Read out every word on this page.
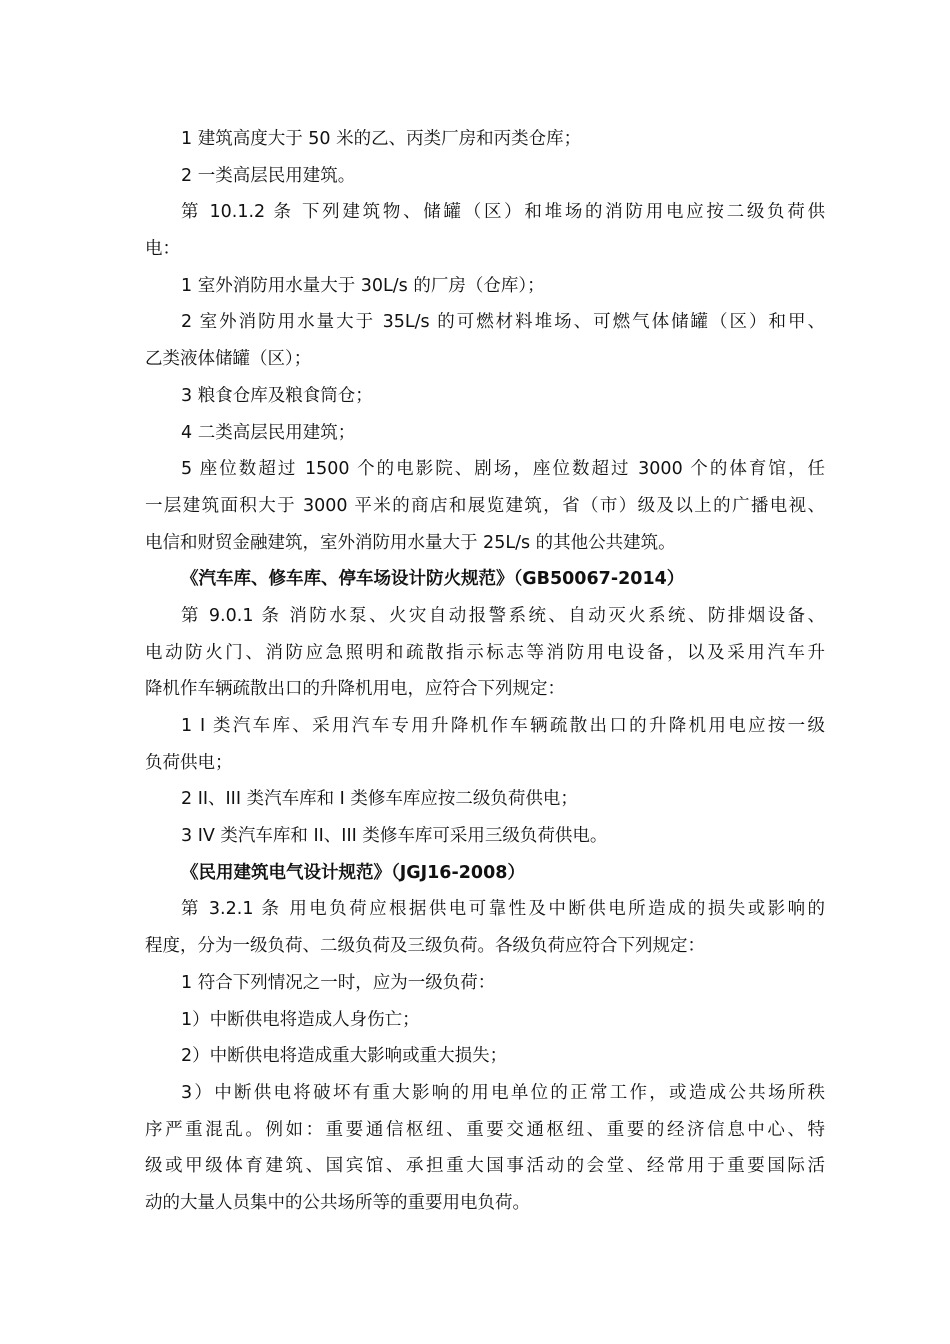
1 建筑高度大于 50 米的乙、丙类厂房和丙类仓库；
2 一类高层民用建筑。
第 10.1.2 条 下列建筑物、储罐（区）和堆场的消防用电应按二级负荷供
电：
1 室外消防用水量大于 30L/s 的厂房（仓库）；
2 室外消防用水量大于 35L/s 的可燃材料堆场、可燃气体储罐（区）和甲、
乙类液体储罐（区）；
3 粮食仓库及粮食筒仓；
4 二类高层民用建筑；
5 座位数超过 1500 个的电影院、剧场，座位数超过 3000 个的体育馆，任
一层建筑面积大于 3000 平米的商店和展览建筑，省（市）级及以上的广播电视、
电信和财贸金融建筑，室外消防用水量大于 25L/s 的其他公共建筑。
《汽车库、修车库、停车场设计防火规范》（GB50067-2014）
第 9.0.1 条 消防水泵、火灾自动报警系统、自动灭火系统、防排烟设备、
电动防火门、消防应急照明和疏散指示标志等消防用电设备，以及采用汽车升
降机作车辆疏散出口的升降机用电，应符合下列规定：
1 I 类汽车库、采用汽车专用升降机作车辆疏散出口的升降机用电应按一级
负荷供电；
2 II、III 类汽车库和 I 类修车库应按二级负荷供电；
3 IV 类汽车库和 II、III 类修车库可采用三级负荷供电。
《民用建筑电气设计规范》（JGJ16-2008）
第 3.2.1 条 用电负荷应根据供电可靠性及中断供电所造成的损失或影响的
程度，分为一级负荷、二级负荷及三级负荷。各级负荷应符合下列规定：
1 符合下列情况之一时，应为一级负荷：
1）中断供电将造成人身伤亡；
2）中断供电将造成重大影响或重大损失；
3）中断供电将破坏有重大影响的用电单位的正常工作，或造成公共场所秩
序严重混乱。例如：重要通信枢纽、重要交通枢纽、重要的经济信息中心、特
级或甲级体育建筑、国宾馆、承担重大国事活动的会堂、经常用于重要国际活
动的大量人员集中的公共场所等的重要用电负荷。
